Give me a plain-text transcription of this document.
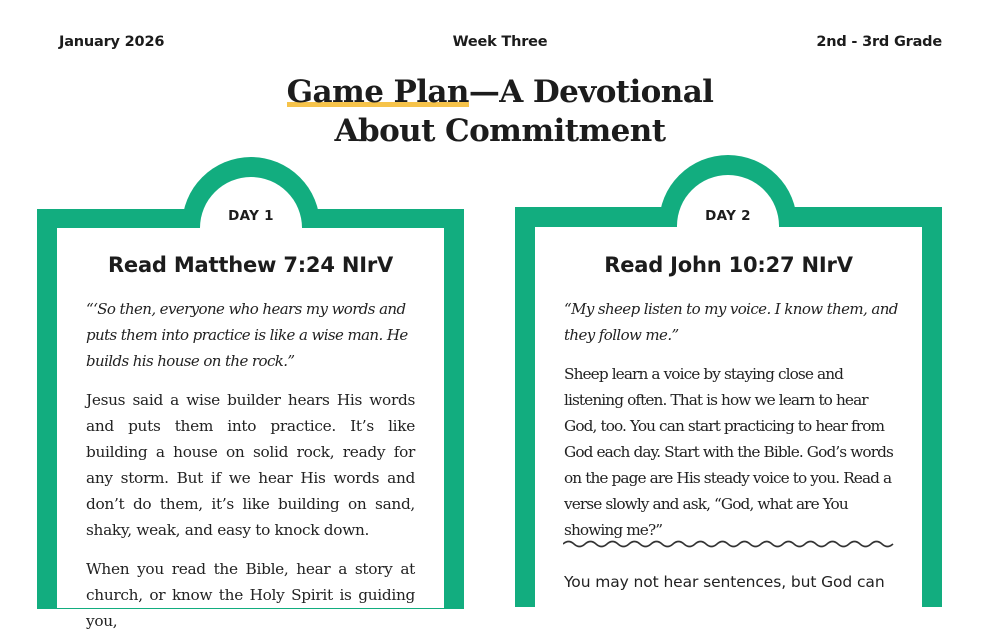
January 2026	Week Three	2nd - 3rd Grade
Game Plan—A Devotional
About Commitment
DAY 1
Read Matthew 7:24 NIrV
“‘So then, everyone who hears my words and puts them into practice is like a wise man. He builds his house on the rock.”
Jesus said a wise builder hears His words and puts them into practice. It’s like building a house on solid rock, ready for any storm. But if we hear His words and don’t do them, it’s like building on sand, shaky, weak, and easy to knock down.
When you read the Bible, hear a story at church, or know the Holy Spirit is guiding you,
DAY 2
Read John 10:27 NIrV
“My sheep listen to my voice. I know them, and they follow me.”
Sheep learn a voice by staying close and listening often. That is how we learn to hear God, too. You can start practicing to hear from God each day. Start with the Bible. God’s words on the page are His steady voice to you. Read a verse slowly and ask, “God, what are You showing me?”
You may not hear sentences, but God can
